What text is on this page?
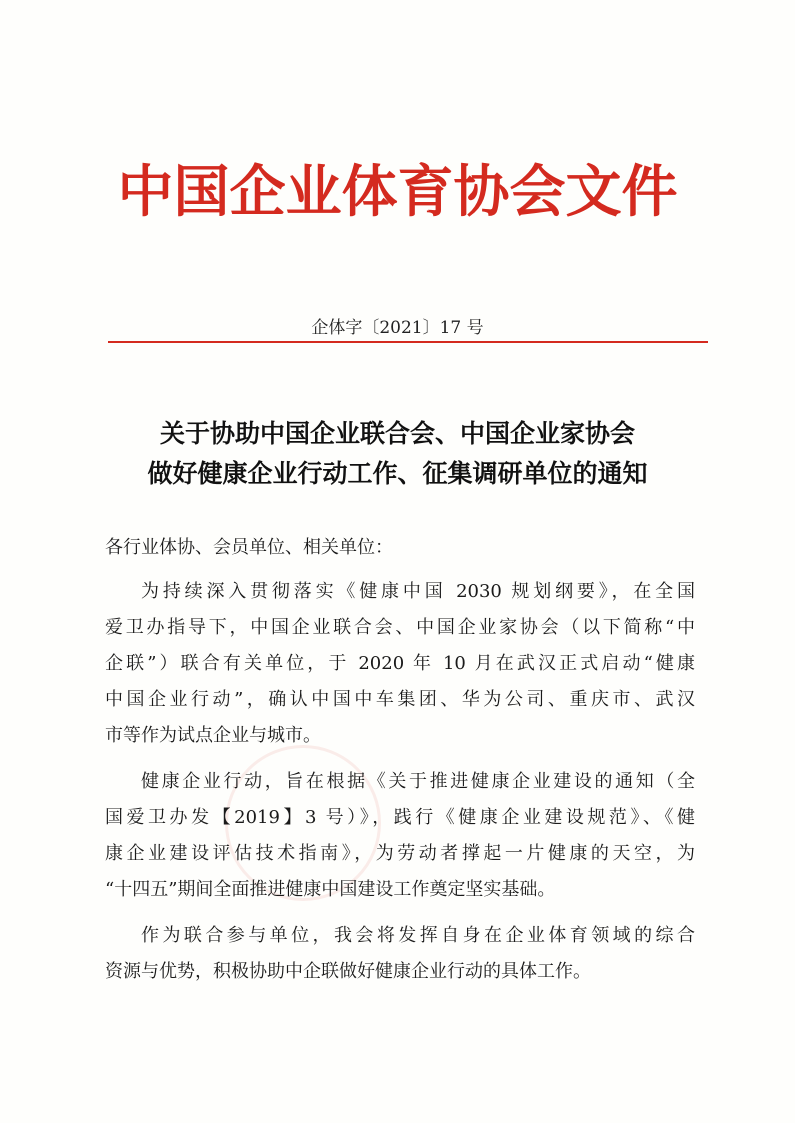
中国企业体育协会文件
企体字〔2021〕17 号
关于协助中国企业联合会、中国企业家协会
做好健康企业行动工作、征集调研单位的通知
各行业体协、会员单位、相关单位：
为持续深入贯彻落实《健康中国 2030 规划纲要》，在全国
爱卫办指导下，中国企业联合会、中国企业家协会（以下简称“中
企联”）联合有关单位，于 2020 年 10 月在武汉正式启动“健康
中国企业行动”，确认中国中车集团、华为公司、重庆市、武汉
市等作为试点企业与城市。
健康企业行动，旨在根据《关于推进健康企业建设的通知（全
国爱卫办发【2019】3 号）》，践行《健康企业建设规范》、《健
康企业建设评估技术指南》，为劳动者撑起一片健康的天空，为
“十四五”期间全面推进健康中国建设工作奠定坚实基础。
作为联合参与单位，我会将发挥自身在企业体育领域的综合
资源与优势，积极协助中企联做好健康企业行动的具体工作。
